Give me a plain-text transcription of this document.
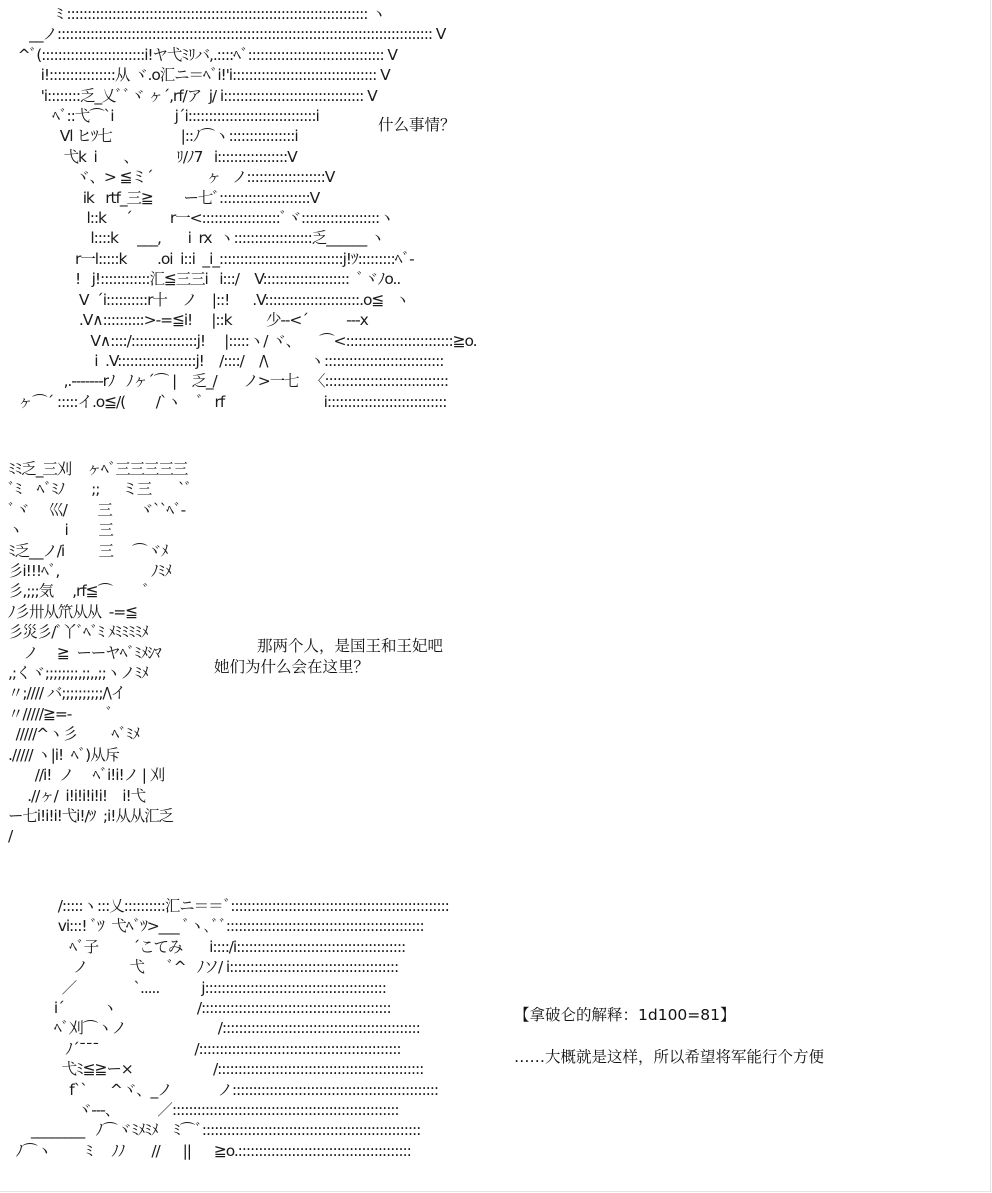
ﾐ ::::::::::::::::::::::::::::::::::::::::::::::::::::::::::::::::::::::::: ヽ
__ノ::::::::::::::::::::::::::::::::::::::::::::::::::::::::::::::::::::::::::::::::::::::::::: V
^ﾞ(:::::::::::::::::::::::::i!ヤ弋ﾐﾘバ,.::::ﾍﾞ::::::::::::::::::::::::::::::::: V
i!::::::::::::::::从 ヾ.o汇ニ＝ﾍﾞi!'i::::::::::::::::::::::::::::::::::: V
'i::::::::乏_乂ﾞﾞヾ ヶ´,rf/ア  j/ i:::::::::::::::::::::::::::::::::: V
ﾍﾞ::弋⌒`i                j´i:::::::::::::::::::::::::::::::i
Vl ヒﾂ七                  |::ﾉ⌒ヽ::::::::::::::::i
弋k  i       、          ﾘ/ﾉ7   i:::::::::::::::::V
ヾ、> ≦ミ´              ヶ   ノ:::::::::::::::::::V
ik   rtf_三≧        ー七ﾞ::::::::::::::::::::::V
l::k     ´          r一<:::::::::::::::::::ﾞヾ:::::::::::::::::::ヽ
l::::k     ___,       i  rx  ヽ:::::::::::::::::::乏______ ヽ
r一l:::::k        .oi  i::i  _i_::::::::::::::::::::::::::::::j!ﾂ:::::::::ﾍﾞ-
!   j!::::::::::::汇≦三三i   i:::/    V:::::::::::::::::::::  ﾞヾﾉo..
V  ´i::::::::::r十    ノ    |::!      .V:::::::::::::::::::::::.o≦   ヽ
.V∧::::::::::>-=≦i!     |::k         少--<´          ---x
V∧::::/::::::::::::::::j!     |:::::ヽ/ ヾ、     ⌒<::::::::::::::::::::::::::≧o.
i  .V:::::::::::::::::::j!    /::::/    /\           ヽ:::::::::::::::::::::::::::::
,.-------rﾉ   ﾉヶ´⌒ |    乏_/       ノ>一七   〈::::::::::::::::::::::::::::::
ヶ⌒´ :::::イ.o≦/(        /`ヽ    ﾞ   rf                          i:::::::::::::::::::::::::::::
ﾐﾐ乏_三刈    ヶﾍﾞ三三三三三
ﾞﾐ    ﾍﾞﾐﾉ       ;;      ミ三       `ﾞ
ﾞヾ     巛/        三       ヾ``ﾍﾞ-
ヽ           i        三
ﾐ乏__ノ/i         三     ⌒ヾﾒ
彡i!!!ﾍﾞ,                        ﾉﾐﾒ
彡,;;;気     ,rf≦⌒        ﾞ
ﾉ彡卅从笊从从  -=≦
彡災彡/ﾞ丫ﾞﾍﾞﾐ ﾒﾐﾐﾐﾐﾒ
ノ     ≧  ーーヤﾍﾞﾐﾒｼﾏ
,;くヾ;;;;;;;;,;;,,;;ヽノﾐﾒ
〃;//// バ;;;;;;;;;;/\イ
〃/////≧=-         ﾞ
/////^ヽ彡         ﾍﾞﾐﾒ
.///// ヽ|i!  ﾍﾞ)从斥
//i!  ノ     ﾍﾞi!i!ノ | 刈
.//ヶ/  i!i!i!i!i!    i!弋
ー七i!i!i!弋i!/ﾂ  ;i!从从汇乏
/
/:::::ヽ:::乂::::::::::汇ニ＝＝ﾞ:::::::::::::::::::::::::::::::::::::::::::::::::::::
vi:::! ﾞﾂ  弋ﾍﾞﾂ>___ ﾞヽ､ﾞﾞ::::::::::::::::::::::::::::::::::::::::::::::::
ﾍﾞ子         ´こてみ       i::::/i:::::::::::::::::::::::::::::::::::::::::
ノ           弋      ﾞ^   ﾉソ/ i:::::::::::::::::::::::::::::::::::::::::
／               `.....           j::::::::::::::::::::::::::::::::::::::::::::
i´          ヽ                     /::::::::::::::::::::::::::::::::::::::::::::::
ﾍﾞ刈⌒ヽノ                        /::::::::::::::::::::::::::::::::::::::::::::::::
ﾉ´¯¯¯                         /:::::::::::::::::::::::::::::::::::::::::::::::::
弋ﾐ≦≧ー×                     /::::::::::::::::::::::::::::::::::::::::::::::::::
f``      ^ヾ、_ノ            ノ::::::::::::::::::::::::::::::::::::::::::::::::::
ヾ---、          ／:::::::::::::::::::::::::::::::::::::::::::::::::::::::
________   ﾉ⌒ヾﾐﾒﾐﾒ    ﾐ⌒ﾞ:::::::::::::::::::::::::::::::::::::::::::::::::::::
ﾉ⌒ヽ         ﾐ     ﾉﾉ       //      ||      ≧o.::::::::::::::::::::::::::::::::::::::::::
什么事情？
那两个人，是国王和王妃吧
她们为什么会在这里？
【拿破仑的解释：1d100=81】
……大概就是这样，所以希望将军能行个方便
